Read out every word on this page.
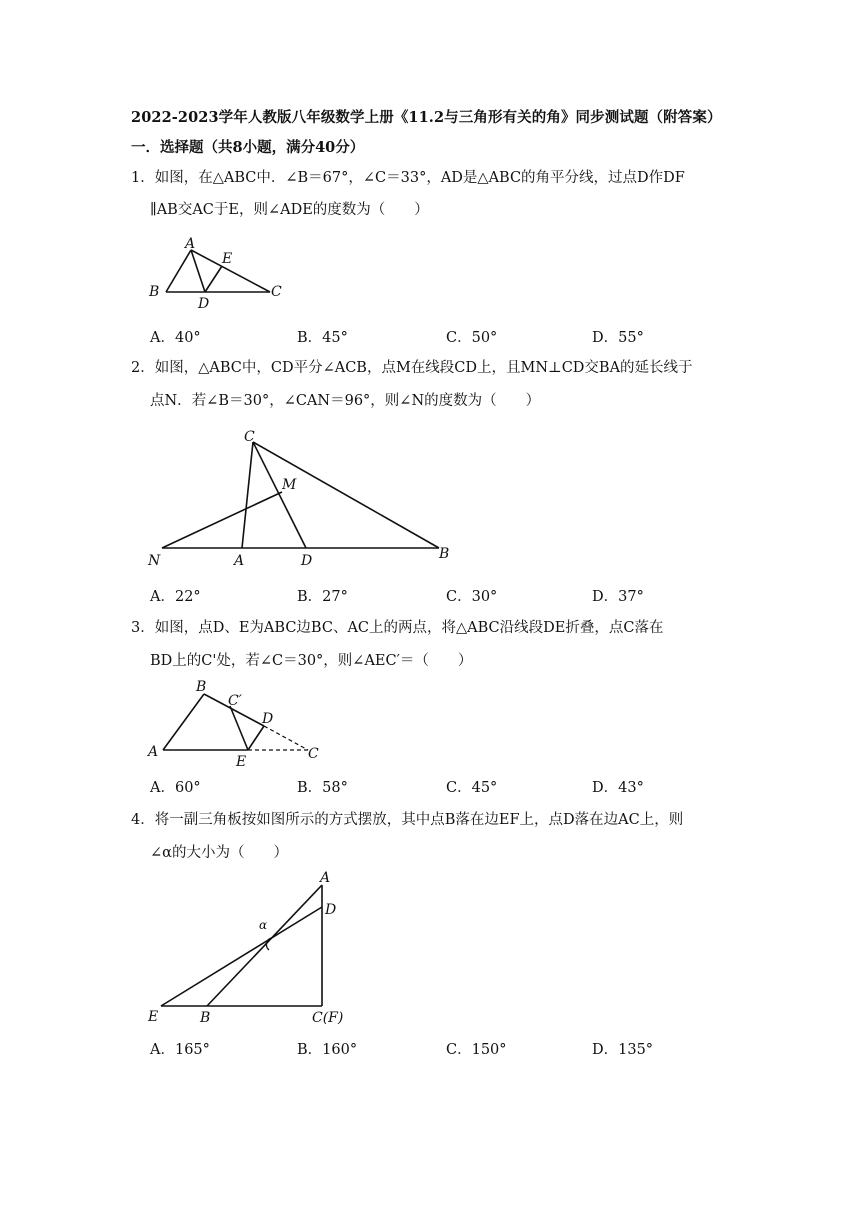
2022-2023学年人教版八年级数学上册《11.2与三角形有关的角》同步测试题（附答案）
一．选择题（共8小题，满分40分）
1．如图，在△ABC中．∠B＝67°，∠C＝33°，AD是△ABC的角平分线，过点D作DF
∥AB交AC于E，则∠ADE的度数为（　　）
A
B	C
D
E
A．40°	B．45°	C．50°	D．55°
2．如图，△ABC中，CD平分∠ACB，点M在线段CD上，且MN⊥CD交BA的延长线于
点N．若∠B＝30°，∠CAN＝96°，则∠N的度数为（　　）
C
M
N	A	D	B
A．22°	B．27°	C．30°	D．37°
3．如图，点D、E为ABC边BC、AC上的两点，将△ABC沿线段DE折叠，点C落在
BD上的C'处，若∠C＝30°，则∠AEC′＝（　　）
B
C′
D
A
E	C
A．60°	B．58°	C．45°	D．43°
4．将一副三角板按如图所示的方式摆放，其中点B落在边EF上，点D落在边AC上，则
∠α的大小为（　　）
A
D
α
E	B	C(F)
A．165°	B．160°	C．150°	D．135°
